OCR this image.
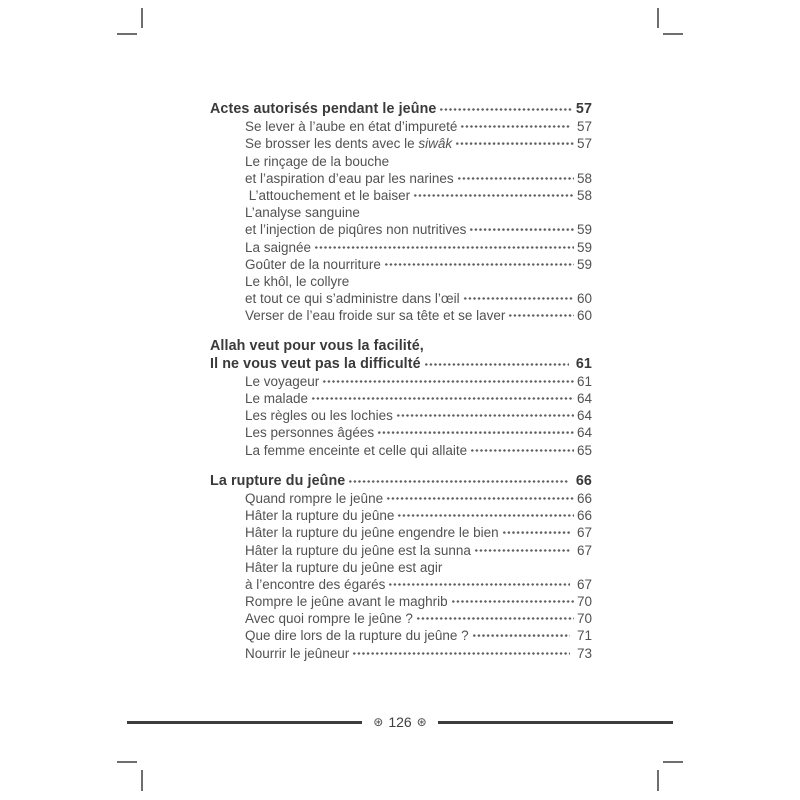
Actes autorisés pendant le jeûne	57
Se lever à l’aube en état d’impureté	57
Se brosser les dents avec le siwâk	57
Le rinçage de la bouche
et l’aspiration d’eau par les narines	58
L’attouchement et le baiser	58
L’analyse sanguine
et l’injection de piqûres non nutritives	59
La saignée	59
Goûter de la nourriture	59
Le khôl, le collyre
et tout ce qui s’administre dans l’œil	60
Verser de l’eau froide sur sa tête et se laver	60
Allah veut pour vous la facilité,
Il ne vous veut pas la difficulté	61
Le voyageur	61
Le malade	64
Les règles ou les lochies	64
Les personnes âgées	64
La femme enceinte et celle qui allaite	65
La rupture du jeûne	66
Quand rompre le jeûne	66
Hâter la rupture du jeûne	66
Hâter la rupture du jeûne engendre le bien	67
Hâter la rupture du jeûne est la sunna	67
Hâter la rupture du jeûne est agir
à l’encontre des égarés	67
Rompre le jeûne avant le maghrib	70
Avec quoi rompre le jeûne ?	70
Que dire lors de la rupture du jeûne ?	71
Nourrir le jeûneur	73
⊛ 126 ⊛
